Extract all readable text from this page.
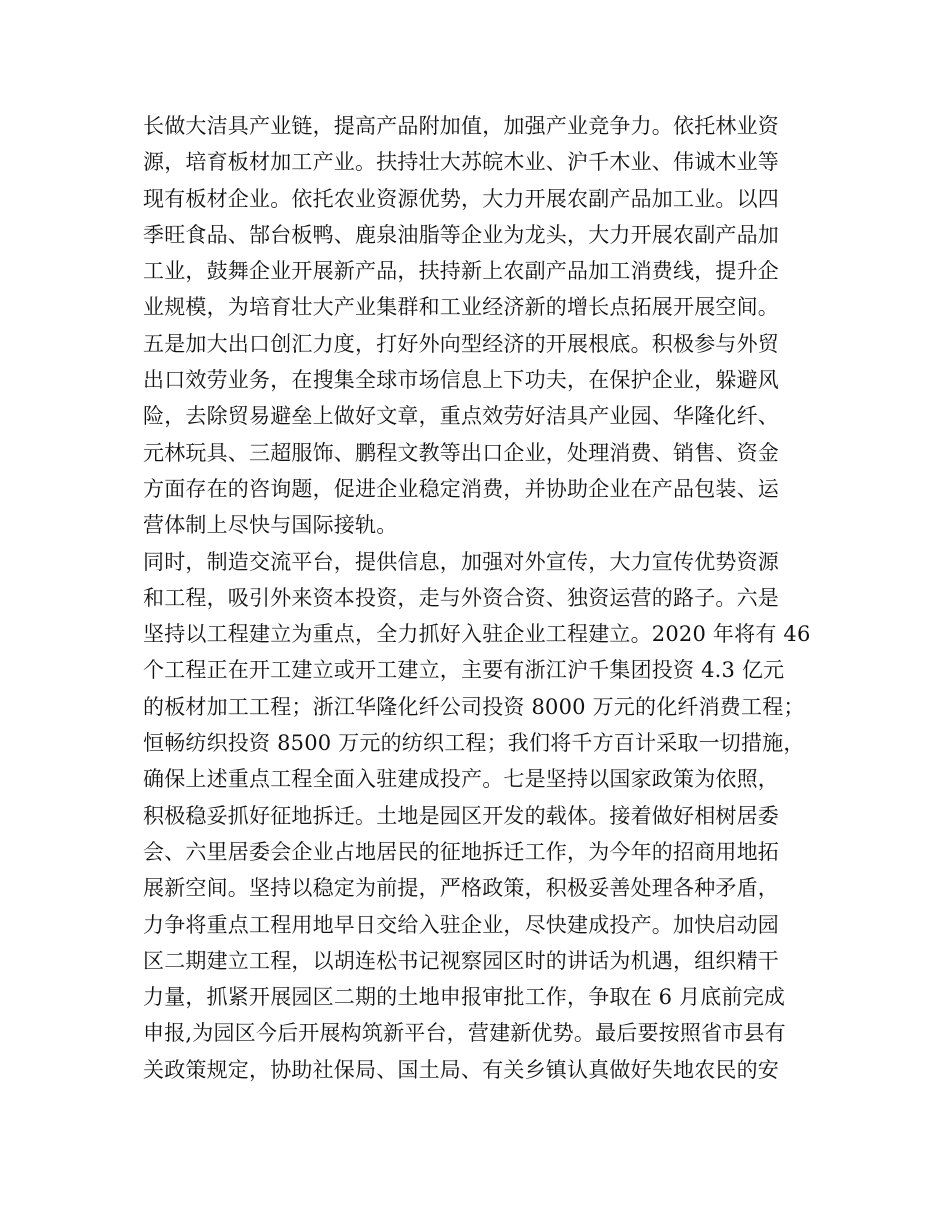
长做大洁具产业链，提高产品附加值，加强产业竞争力。依托林业资
源，培育板材加工产业。扶持壮大苏皖木业、沪千木业、伟诚木业等
现有板材企业。依托农业资源优势，大力开展农副产品加工业。以四
季旺食品、郜台板鸭、鹿泉油脂等企业为龙头，大力开展农副产品加
工业，鼓舞企业开展新产品，扶持新上农副产品加工消费线，提升企
业规模，为培育壮大产业集群和工业经济新的增长点拓展开展空间。
五是加大出口创汇力度，打好外向型经济的开展根底。积极参与外贸
出口效劳业务，在搜集全球市场信息上下功夫，在保护企业，躲避风
险，去除贸易避垒上做好文章，重点效劳好洁具产业园、华隆化纤、
元林玩具、三超服饰、鹏程文教等出口企业，处理消费、销售、资金
方面存在的咨询题，促进企业稳定消费，并协助企业在产品包装、运
营体制上尽快与国际接轨。
同时，制造交流平台，提供信息，加强对外宣传，大力宣传优势资源
和工程，吸引外来资本投资，走与外资合资、独资运营的路子。六是
坚持以工程建立为重点，全力抓好入驻企业工程建立。2020 年将有 46
个工程正在开工建立或开工建立，主要有浙江沪千集团投资 4.3 亿元
的板材加工工程；浙江华隆化纤公司投资 8000 万元的化纤消费工程；
恒畅纺织投资 8500 万元的纺织工程；我们将千方百计采取一切措施，
确保上述重点工程全面入驻建成投产。七是坚持以国家政策为依照，
积极稳妥抓好征地拆迁。土地是园区开发的载体。接着做好相树居委
会、六里居委会企业占地居民的征地拆迁工作，为今年的招商用地拓
展新空间。坚持以稳定为前提，严格政策，积极妥善处理各种矛盾，
力争将重点工程用地早日交给入驻企业，尽快建成投产。加快启动园
区二期建立工程，以胡连松书记视察园区时的讲话为机遇，组织精干
力量，抓紧开展园区二期的土地申报审批工作，争取在 6 月底前完成
申报,为园区今后开展构筑新平台，营建新优势。最后要按照省市县有
关政策规定，协助社保局、国土局、有关乡镇认真做好失地农民的安
